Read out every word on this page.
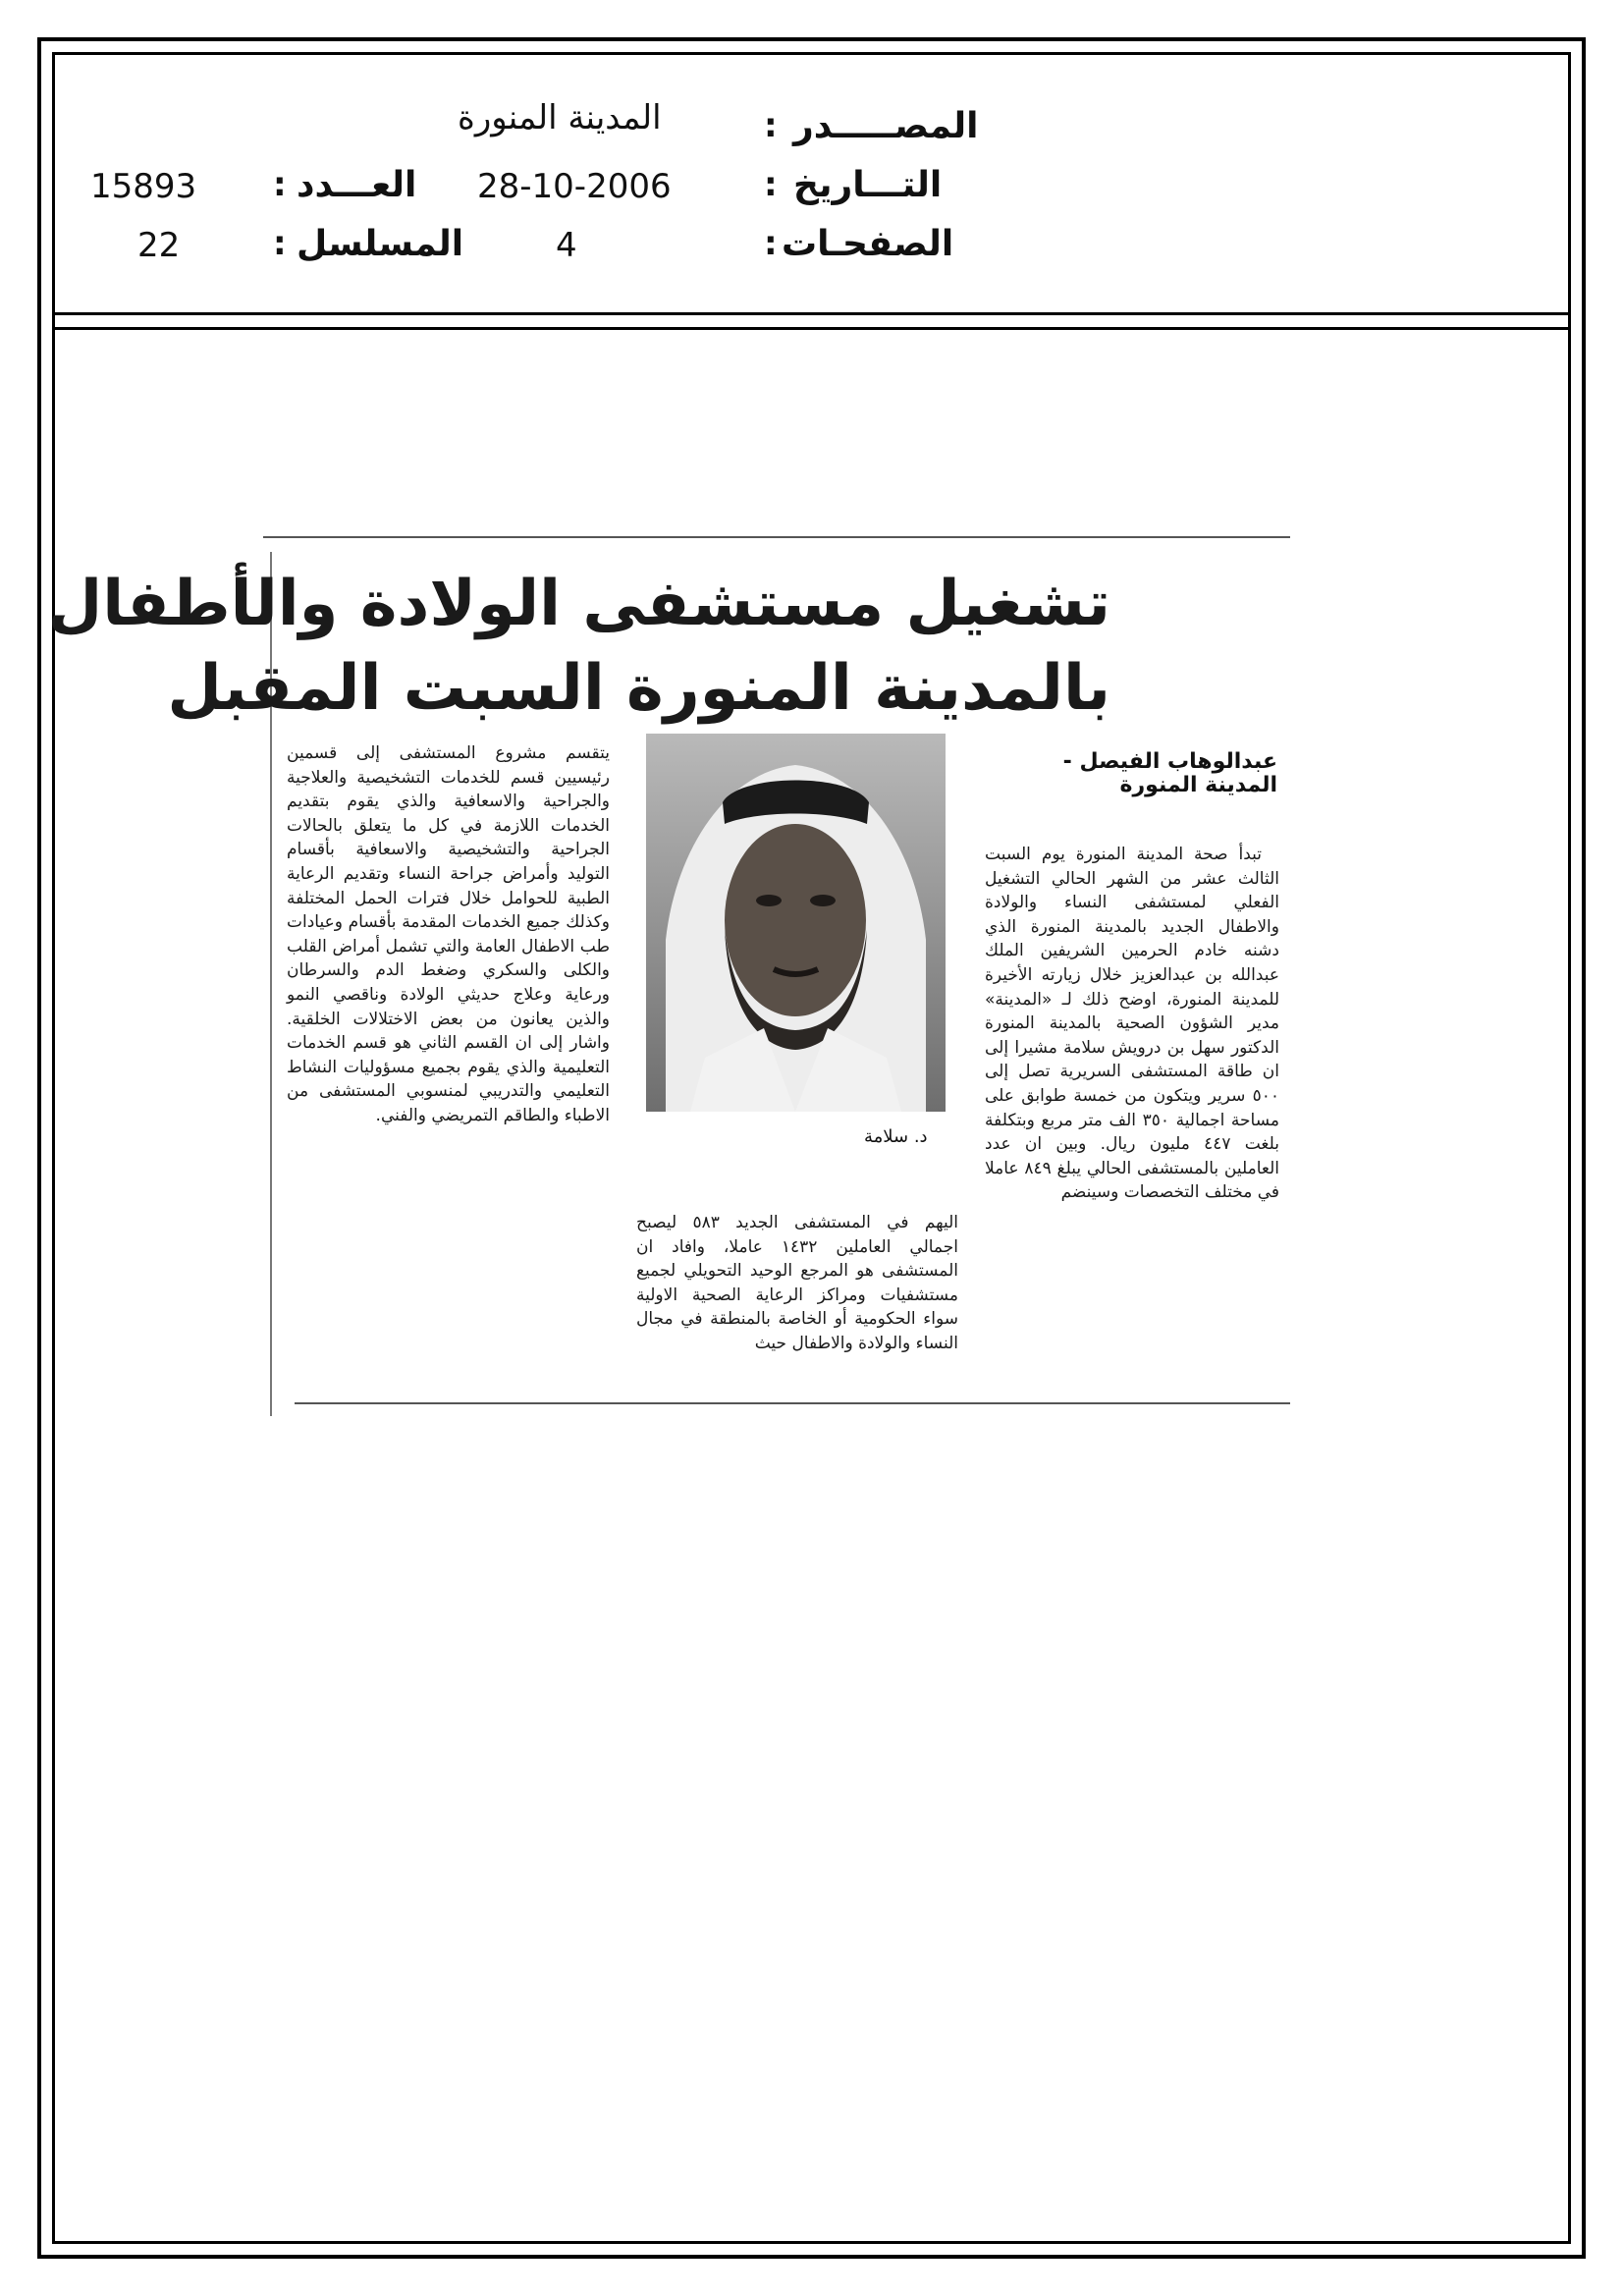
المصـــــدر
:
المدينة المنورة
التـــاريخ
:
28-10-2006
العـــدد
:
15893
الصفحـات
:
4
المسلسل
:
22
تشغيل مستشفى الولادة والأطفال
بالمدينة المنورة السبت المقبل
عبدالوهاب الفيصل -
المدينة المنورة
د. سلامة

تبدأ صحة المدينة المنورة يوم السبت الثالث عشر من الشهر الحالي التشغيل الفعلي لمستشفى النساء والولادة والاطفال الجديد بالمدينة المنورة الذي دشنه خادم الحرمين الشريفين الملك عبدالله بن عبدالعزيز خلال زيارته الأخيرة للمدينة المنورة، اوضح ذلك لـ «المدينة» مدير الشؤون الصحية بالمدينة المنورة الدكتور سهل بن درويش سلامة مشيرا إلى ان طاقة المستشفى السريرية تصل إلى ٥٠٠ سرير ويتكون من خمسة طوابق على مساحة اجمالية ٣٥٠ الف متر مربع وبتكلفة بلغت ٤٤٧ مليون ريال. وبين ان عدد العاملين بالمستشفى الحالي يبلغ ٨٤٩ عاملا في مختلف التخصصات وسينضم

اليهم في المستشفى الجديد ٥٨٣ ليصبح اجمالي العاملين ١٤٣٢ عاملا، وافاد ان المستشفى هو المرجع الوحيد التحويلي لجميع مستشفيات ومراكز الرعاية الصحية الاولية سواء الحكومية أو الخاصة بالمنطقة في مجال النساء والولادة والاطفال حيث

يتقسم مشروع المستشفى إلى قسمين رئيسيين قسم للخدمات التشخيصية والعلاجية والجراحية والاسعافية والذي يقوم بتقديم الخدمات اللازمة في كل ما يتعلق بالحالات الجراحية والتشخيصية والاسعافية بأقسام التوليد وأمراض جراحة النساء وتقديم الرعاية الطبية للحوامل خلال فترات الحمل المختلفة وكذلك جميع الخدمات المقدمة بأقسام وعيادات طب الاطفال العامة والتي تشمل أمراض القلب والكلى والسكري وضغط الدم والسرطان ورعاية وعلاج حديثي الولادة وناقصي النمو والذين يعانون من بعض الاختلالات الخلقية. واشار إلى ان القسم الثاني هو قسم الخدمات التعليمية والذي يقوم بجميع مسؤوليات النشاط التعليمي والتدريبي لمنسوبي المستشفى من الاطباء والطاقم التمريضي والفني.
